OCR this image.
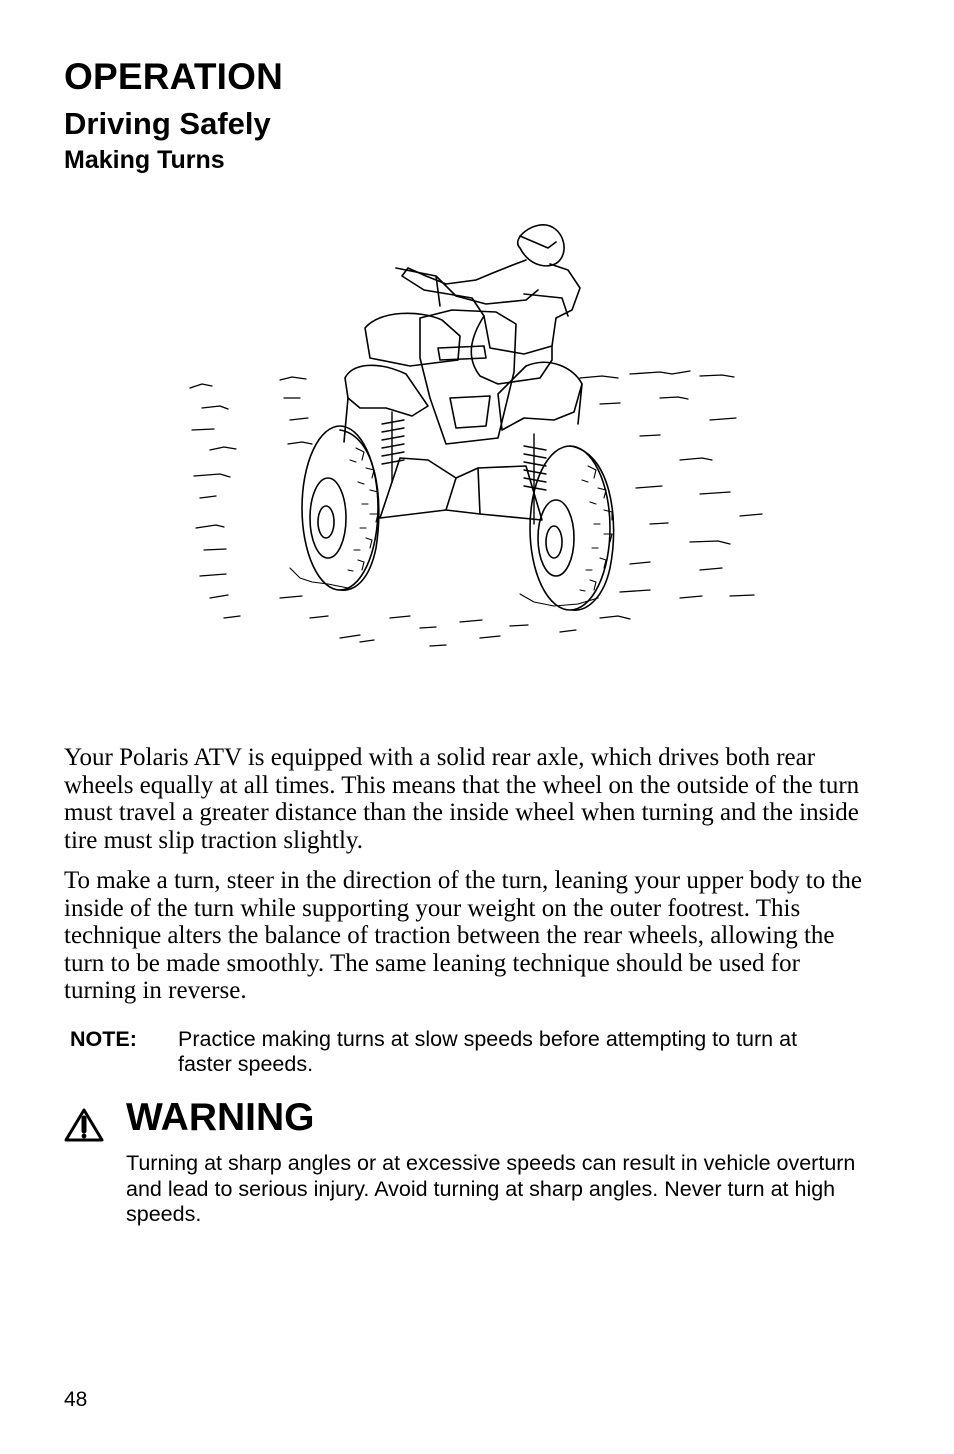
OPERATION
Driving Safely
Making Turns

Your Polaris ATV is equipped with a solid rear axle, which drives both rear wheels equally at all times. This means that the wheel on the outside of the turn must travel a greater distance than the inside wheel when turning and the inside tire must slip traction slightly.

To make a turn, steer in the direction of the turn, leaning your upper body to the inside of the turn while supporting your weight on the outer footrest. This technique alters the balance of traction between the rear wheels, allowing the turn to be made smoothly. The same leaning technique should be used for turning in reverse.

NOTE: Practice making turns at slow speeds before attempting to turn at faster speeds.

WARNING

Turning at sharp angles or at excessive speeds can result in vehicle overturn and lead to serious injury. Avoid turning at sharp angles. Never turn at high speeds.

48
